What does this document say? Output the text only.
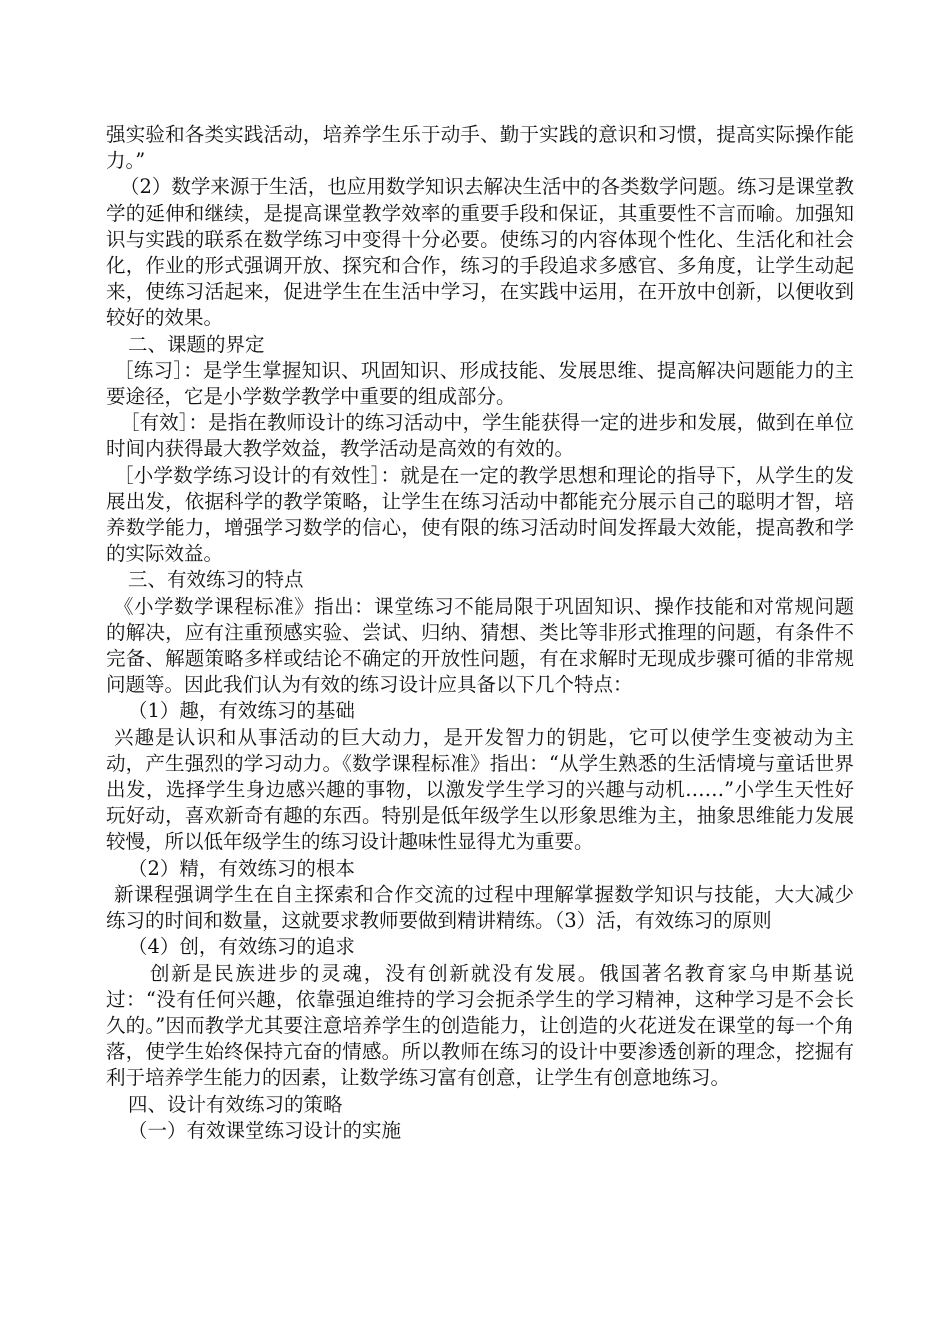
强实验和各类实践活动，培养学生乐于动手、勤于实践的意识和习惯，提高实际操作能力。”

（2）数学来源于生活，也应用数学知识去解决生活中的各类数学问题。练习是课堂教学的延伸和继续，是提高课堂教学效率的重要手段和保证，其重要性不言而喻。加强知识与实践的联系在数学练习中变得十分必要。使练习的内容体现个性化、生活化和社会化，作业的形式强调开放、探究和合作，练习的手段追求多感官、多角度，让学生动起来，使练习活起来，促进学生在生活中学习，在实践中运用，在开放中创新，以便收到较好的效果。

二、课题的界定

［练习］：是学生掌握知识、巩固知识、形成技能、发展思维、提高解决问题能力的主要途径，它是小学数学教学中重要的组成部分。

［有效］：是指在教师设计的练习活动中，学生能获得一定的进步和发展，做到在单位时间内获得最大教学效益，教学活动是高效的有效的。

［小学数学练习设计的有效性］：就是在一定的教学思想和理论的指导下，从学生的发展出发，依据科学的教学策略，让学生在练习活动中都能充分展示自己的聪明才智，培养数学能力，增强学习数学的信心，使有限的练习活动时间发挥最大效能，提高教和学的实际效益。

三、有效练习的特点

《小学数学课程标准》指出：课堂练习不能局限于巩固知识、操作技能和对常规问题的解决，应有注重预感实验、尝试、归纳、猜想、类比等非形式推理的问题，有条件不完备、解题策略多样或结论不确定的开放性问题，有在求解时无现成步骤可循的非常规问题等。因此我们认为有效的练习设计应具备以下几个特点：

（1）趣，有效练习的基础

兴趣是认识和从事活动的巨大动力，是开发智力的钥匙，它可以使学生变被动为主动，产生强烈的学习动力。《数学课程标准》指出：“从学生熟悉的生活情境与童话世界出发，选择学生身边感兴趣的事物，以激发学生学习的兴趣与动机……”小学生天性好玩好动，喜欢新奇有趣的东西。特别是低年级学生以形象思维为主，抽象思维能力发展较慢，所以低年级学生的练习设计趣味性显得尤为重要。

（2）精，有效练习的根本

新课程强调学生在自主探索和合作交流的过程中理解掌握数学知识与技能，大大减少练习的时间和数量，这就要求教师要做到精讲精练。（3）活，有效练习的原则

（4）创，有效练习的追求

创新是民族进步的灵魂，没有创新就没有发展。俄国著名教育家乌申斯基说过：“没有任何兴趣，依靠强迫维持的学习会扼杀学生的学习精神，这种学习是不会长久的。”因而教学尤其要注意培养学生的创造能力，让创造的火花迸发在课堂的每一个角落，使学生始终保持亢奋的情感。所以教师在练习的设计中要渗透创新的理念，挖掘有利于培养学生能力的因素，让数学练习富有创意，让学生有创意地练习。

四、设计有效练习的策略

（一）有效课堂练习设计的实施
